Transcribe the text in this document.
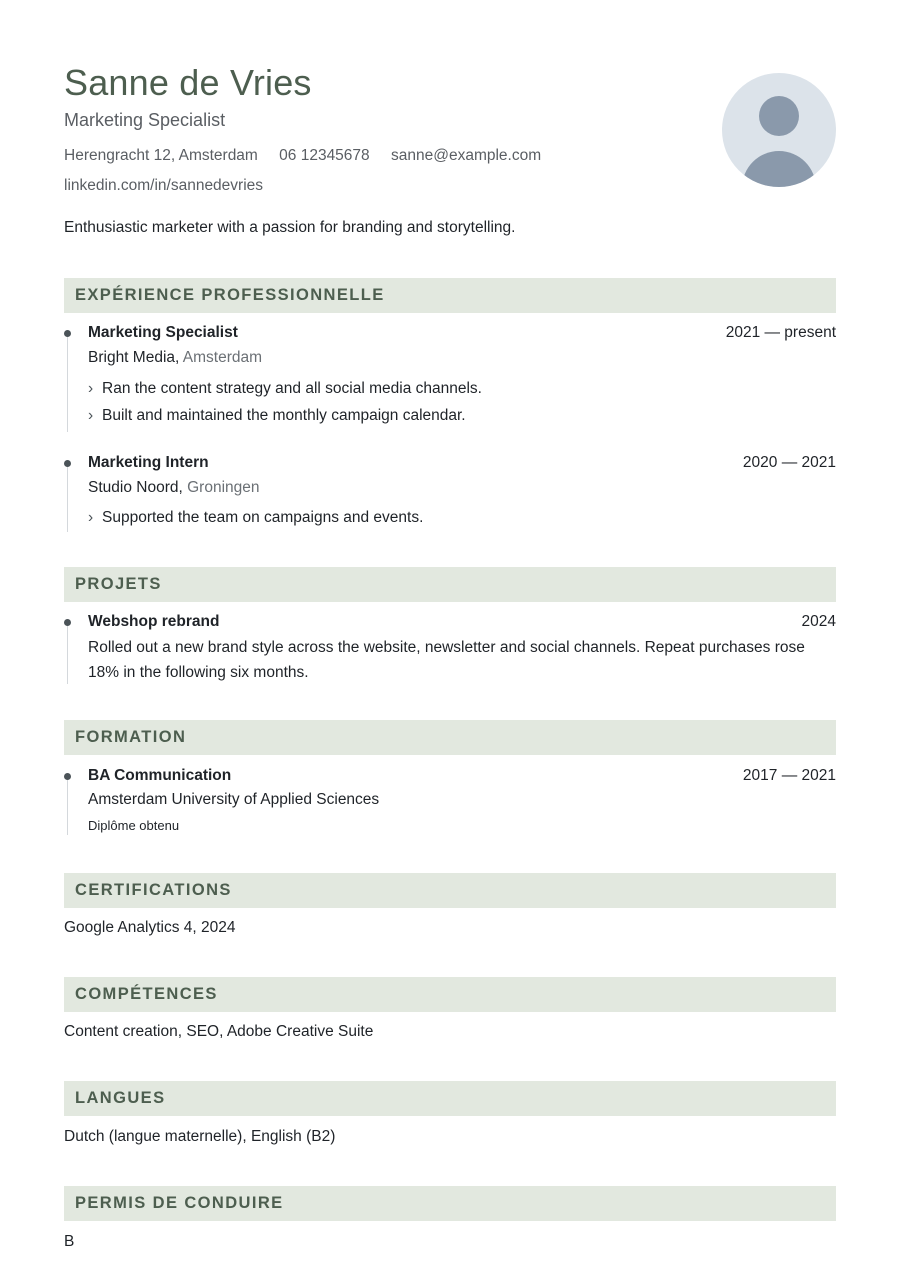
Sanne de Vries
Marketing Specialist
Herengracht 12, Amsterdam 06 12345678 sanne@example.com
linkedin.com/in/sannedevries
Enthusiastic marketer with a passion for branding and storytelling.
EXPÉRIENCE PROFESSIONNELLE
Marketing Specialist	2021 — present
Bright Media, Amsterdam
› Ran the content strategy and all social media channels.
› Built and maintained the monthly campaign calendar.
Marketing Intern	2020 — 2021
Studio Noord, Groningen
› Supported the team on campaigns and events.
PROJETS
Webshop rebrand	2024
Rolled out a new brand style across the website, newsletter and social channels. Repeat purchases rose 18% in the following six months.
FORMATION
BA Communication	2017 — 2021
Amsterdam University of Applied Sciences
Diplôme obtenu
CERTIFICATIONS
Google Analytics 4, 2024
COMPÉTENCES
Content creation, SEO, Adobe Creative Suite
LANGUES
Dutch (langue maternelle), English (B2)
PERMIS DE CONDUIRE
B
